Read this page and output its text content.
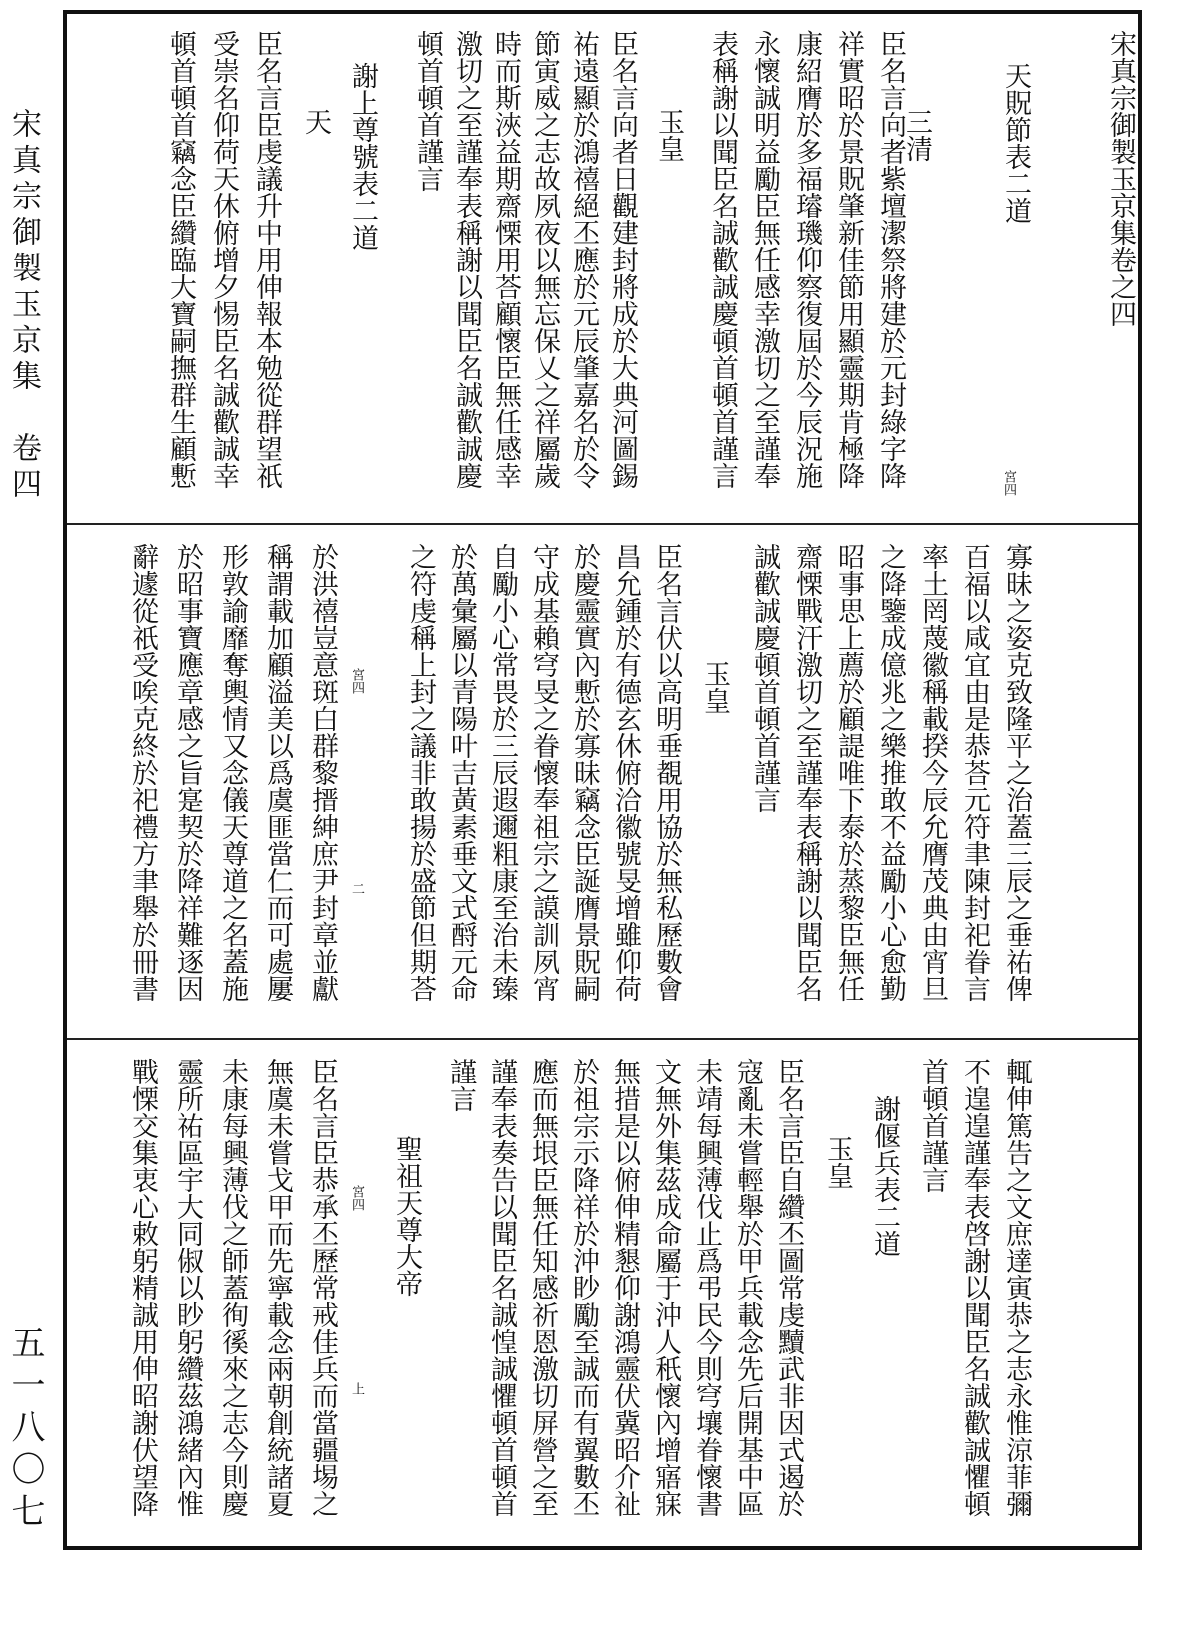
宋真宗御製玉京集　卷四
五一八〇七
宮四
宋真宗御製玉京集卷之四
天貺節表二道
三清
臣名言向者紫壇潔祭將建於元封綠字降
祥實昭於景貺肇新佳節用顯靈期肯極降
康紹膺於多福璿璣仰察復屆於今辰況施
永懷誠明益勵臣無任感幸激切之至謹奉
表稱謝以聞臣名誠歡誠慶頓首頓首謹言
玉皇
臣名言向者日觀建封將成於大典河圖錫
祐遠顯於鴻禧絕丕應於元辰肇嘉名於令
節寅威之志故夙夜以無忘保乂之祥屬歲
時而斯浹益期齋慄用荅顧懷臣無任感幸
激切之至謹奉表稱謝以聞臣名誠歡誠慶
頓首頓首謹言
謝上尊號表二道
天
臣名言臣虔議升中用伸報本勉從群望祇
受崇名仰荷天休俯增夕惕臣名誠歡誠幸
頓首頓首竊念臣纘臨大寶嗣撫群生顧慙
宮四
二	寡昧之姿克致隆平之治蓋三辰之垂祐俾
百福以咸宜由是恭荅元符聿陳封祀眷言
率土罔蔑徽稱載揆今辰允膺茂典由宵旦
之降鑒成億兆之樂推敢不益勵小心愈勤
昭事思上薦於顧諟唯下泰於蒸黎臣無任
齋慄戰汗激切之至謹奉表稱謝以聞臣名
誠歡誠慶頓首頓首謹言
玉皇
臣名言伏以高明垂覩用協於無私歷數會
昌允鍾於有德玄休俯洽徽號旻增雖仰荷
於慶靈實內慙於寡昧竊念臣誕膺景貺嗣
守成基賴穹旻之眷懷奉祖宗之謨訓夙宵
自勵小心常畏於三辰遐邇粗康至治未臻
於萬彙屬以青陽叶吉黃素垂文式酹元命
之符虔稱上封之議非敢揚於盛節但期荅
於洪禧豈意斑白群黎搢紳庶尹封章並獻
稱謂載加顧溢美以爲虞匪當仁而可處屢
形敦諭靡奪輿情又念儀天尊道之名蓋施
於昭事寶應章感之旨寔契於降祥難逐因
辭遽從祇受唉克終於祀禮方聿舉於冊書
宮四
上	輒伸篤告之文庶達寅恭之志永惟涼菲彌
不遑遑謹奉表啓謝以聞臣名誠歡誠懼頓
首頓首謹言
謝偃兵表二道
玉皇
臣名言臣自纘丕圖常虔黷武非因式遏於
寇亂未嘗輕舉於甲兵載念先后開基中區
未靖每興薄伐止爲弔民今則穹壤眷懷書
文無外集茲成命屬于沖人秖懷內增寤寐
無措是以俯伸精懇仰謝鴻靈伏冀昭介祉
於祖宗示降祥於沖眇勵至誠而有翼數丕
應而無垠臣無任知感祈恩激切屏營之至
謹奉表奏告以聞臣名誠惶誠懼頓首頓首
謹言
聖祖天尊大帝
臣名言臣恭承丕歷常戒佳兵而當疆埸之
無虞未嘗戈甲而先寧載念兩朝創統諸夏
未康每興薄伐之師蓋徇徯來之志今則慶
靈所祐區宇大同俶以眇躬纘茲鴻緒內惟
戰慄交集衷心敕躬精誠用伸昭謝伏望降
